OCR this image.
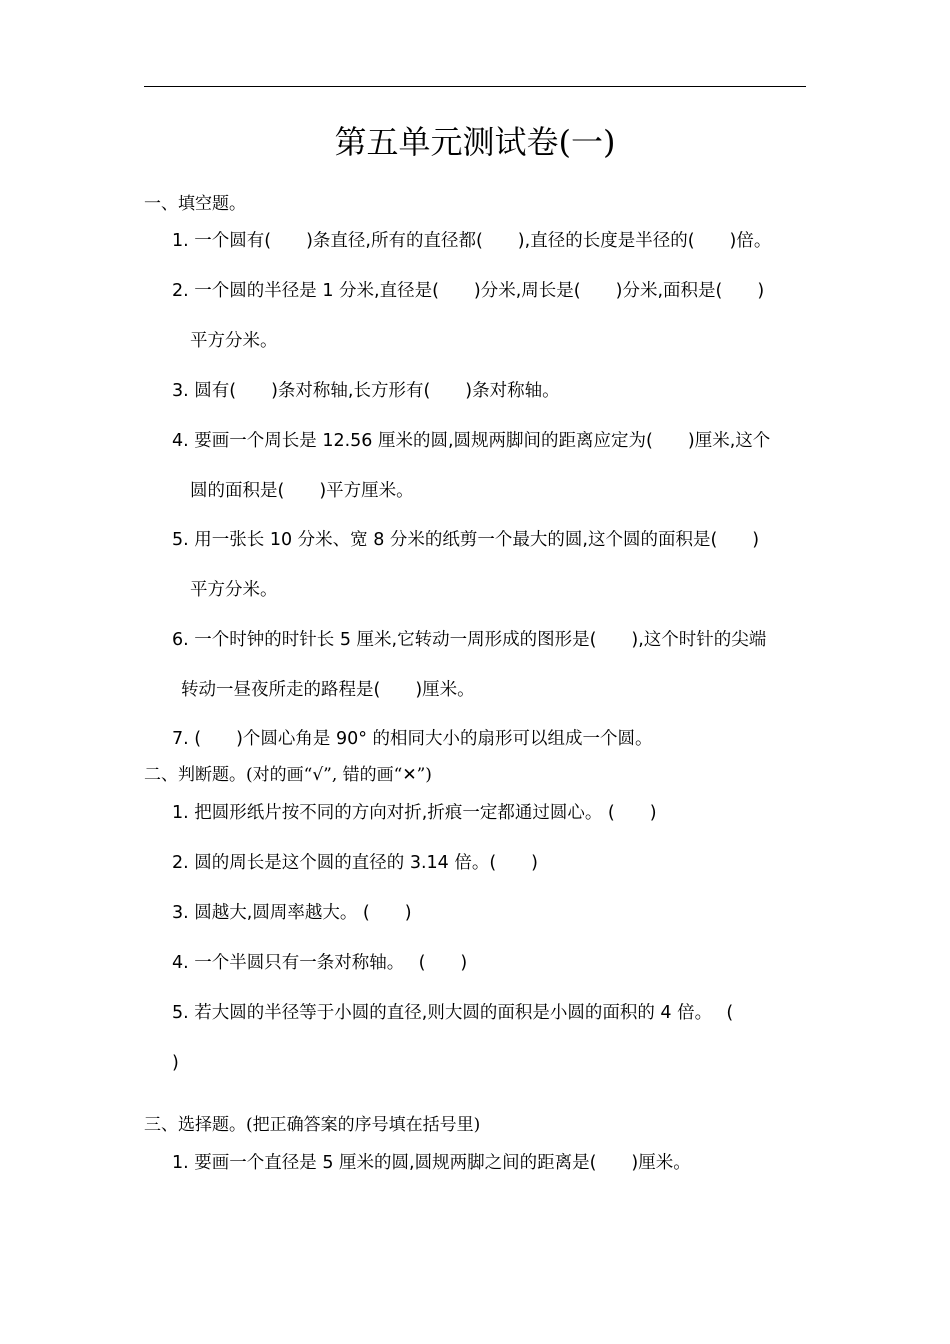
第五单元测试卷(一)
一、填空题。
1. 一个圆有(　　)条直径,所有的直径都(　　),直径的长度是半径的(　　)倍。
2. 一个圆的半径是 1 分米,直径是(　　)分米,周长是(　　)分米,面积是(　　)
平方分米。
3. 圆有(　　)条对称轴,长方形有(　　)条对称轴。
4. 要画一个周长是 12.56 厘米的圆,圆规两脚间的距离应定为(　　)厘米,这个
圆的面积是(　　)平方厘米。
5. 用一张长 10 分米、宽 8 分米的纸剪一个最大的圆,这个圆的面积是(　　)
平方分米。
6. 一个时钟的时针长 5 厘米,它转动一周形成的图形是(　　),这个时针的尖端
转动一昼夜所走的路程是(　　)厘米。
7. (　　)个圆心角是 90° 的相同大小的扇形可以组成一个圆。
二、判断题。(对的画“√”, 错的画“✕”)
1. 把圆形纸片按不同的方向对折,折痕一定都通过圆心。 (　　)
2. 圆的周长是这个圆的直径的 3.14 倍。(　　)
3. 圆越大,圆周率越大。 (　　)
4. 一个半圆只有一条对称轴。　 (　　)
5. 若大圆的半径等于小圆的直径,则大圆的面积是小圆的面积的 4 倍。　 (
)
三、选择题。(把正确答案的序号填在括号里)
1. 要画一个直径是 5 厘米的圆,圆规两脚之间的距离是(　　)厘米。
